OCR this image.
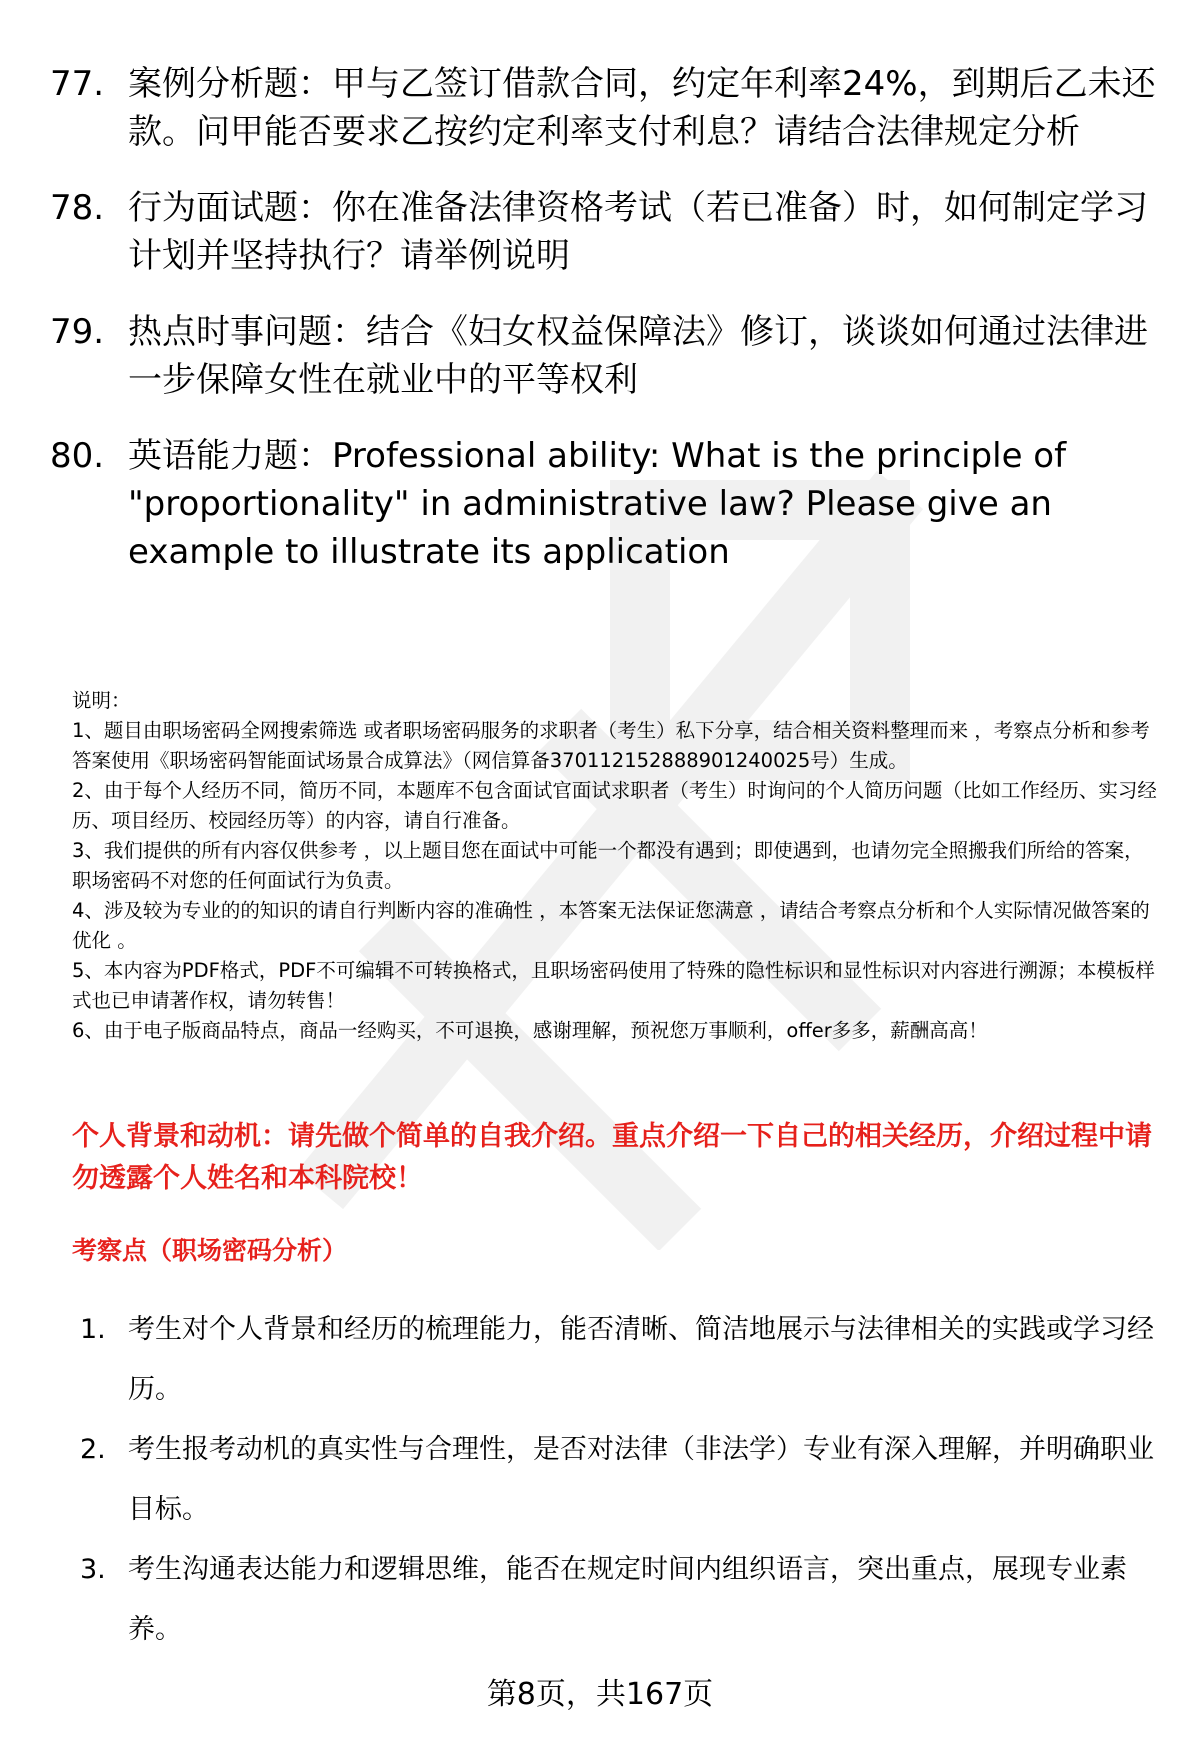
77. 案例分析题：甲与乙签订借款合同，约定年利率24%，到期后乙未还款。问甲能否要求乙按约定利率支付利息？请结合法律规定分析
78. 行为面试题：你在准备法律资格考试（若已准备）时，如何制定学习计划并坚持执行？请举例说明
79. 热点时事问题：结合《妇女权益保障法》修订，谈谈如何通过法律进一步保障女性在就业中的平等权利
80. 英语能力题：Professional ability: What is the principle of "proportionality" in administrative law? Please give an example to illustrate its application

说明：

1、题目由职场密码全网搜索筛选 或者职场密码服务的求职者（考生）私下分享，结合相关资料整理而来 ，考察点分析和参考答案使用《职场密码智能面试场景合成算法》（网信算备370112152888901240025号）生成。

2、由于每个人经历不同，简历不同，本题库不包含面试官面试求职者（考生）时询问的个人简历问题（比如工作经历、实习经历、项目经历、校园经历等）的内容，请自行准备。

3、我们提供的所有内容仅供参考 ，以上题目您在面试中可能一个都没有遇到；即使遇到，也请勿完全照搬我们所给的答案，职场密码不对您的任何面试行为负责。

4、涉及较为专业的的知识的请自行判断内容的准确性 ，本答案无法保证您满意 ，请结合考察点分析和个人实际情况做答案的优化 。

5、本内容为PDF格式，PDF不可编辑不可转换格式，且职场密码使用了特殊的隐性标识和显性标识对内容进行溯源；本模板样式也已申请著作权，请勿转售！

6、由于电子版商品特点，商品一经购买，不可退换，感谢理解，预祝您万事顺利，offer多多，薪酬高高！

个人背景和动机：请先做个简单的自我介绍。重点介绍一下自己的相关经历，介绍过程中请勿透露个人姓名和本科院校！
考察点（职场密码分析）
1. 考生对个人背景和经历的梳理能力，能否清晰、简洁地展示与法律相关的实践或学习经历。
2. 考生报考动机的真实性与合理性，是否对法律（非法学）专业有深入理解，并明确职业目标。
3. 考生沟通表达能力和逻辑思维，能否在规定时间内组织语言，突出重点，展现专业素养。
第8页，共167页
